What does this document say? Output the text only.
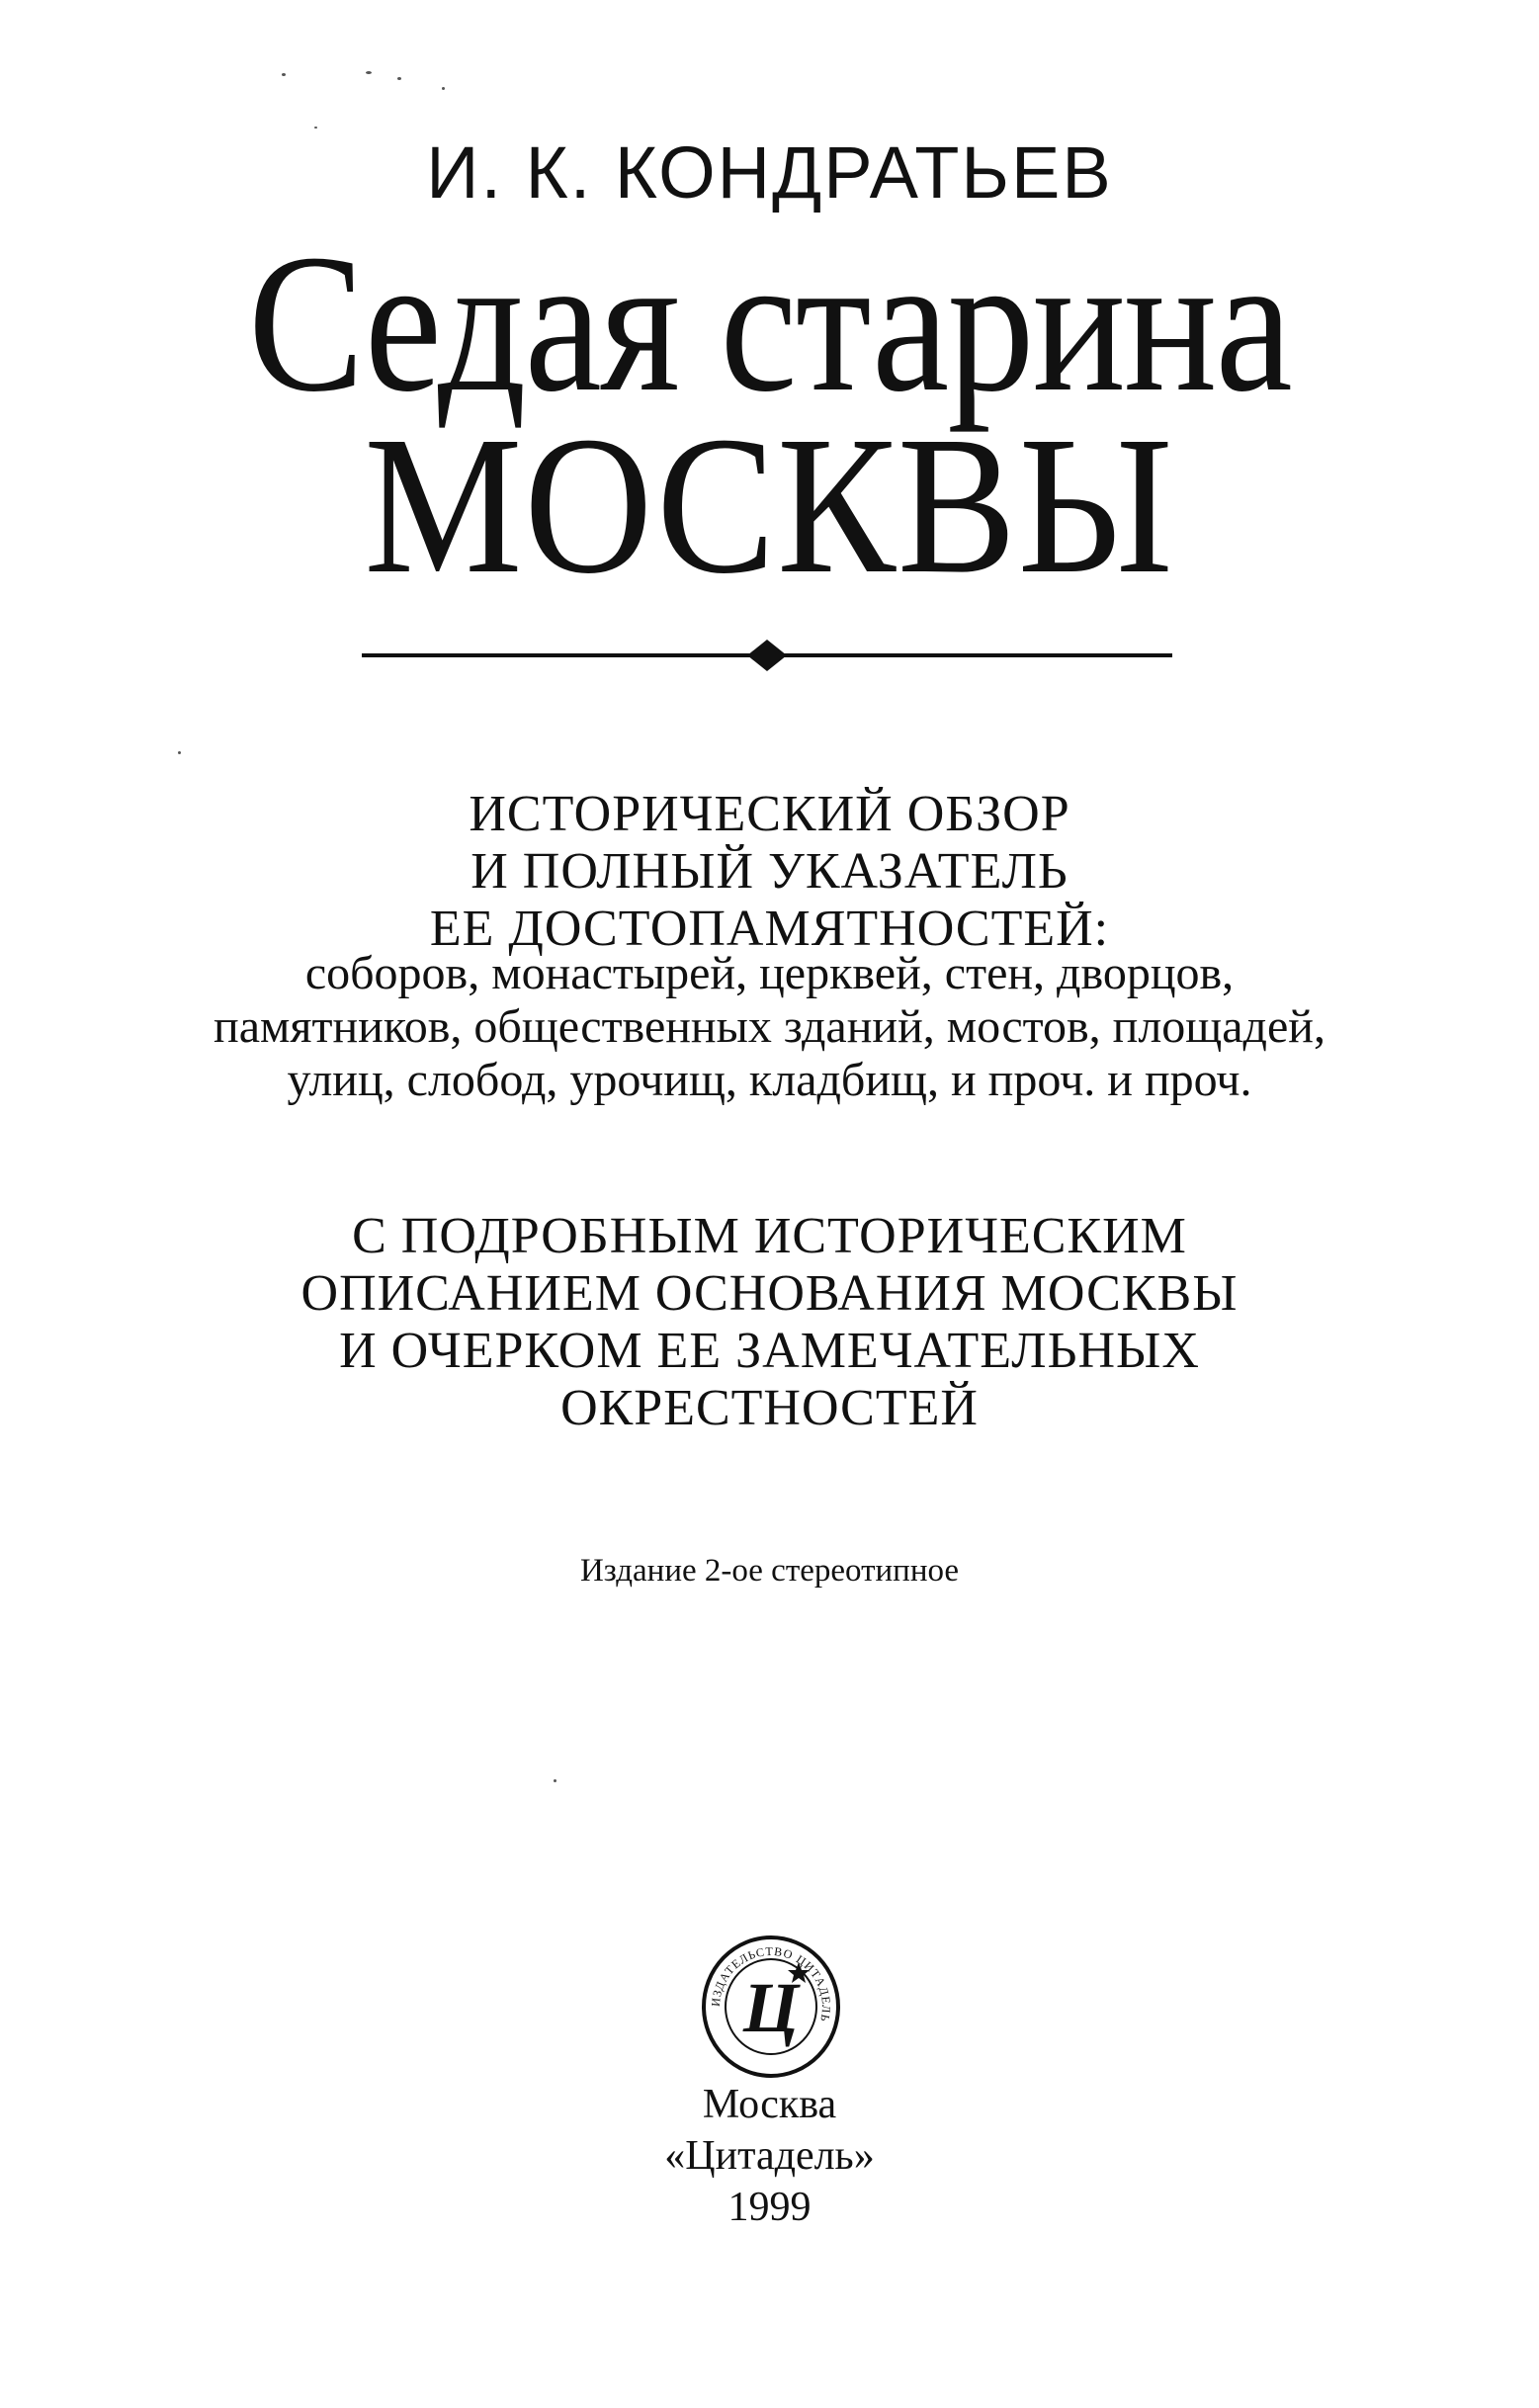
И. К. КОНДРАТЬЕВ
Седая старина
МОСКВЫ
ИСТОРИЧЕСКИЙ ОБЗОР
И ПОЛНЫЙ УКАЗАТЕЛЬ
ЕЕ ДОСТОПАМЯТНОСТЕЙ:
соборов, монастырей, церквей, стен, дворцов,
памятников, общественных зданий, мостов, площадей,
улиц, слобод, урочищ, кладбищ, и проч. и проч.
С ПОДРОБНЫМ ИСТОРИЧЕСКИМ
ОПИСАНИЕМ ОСНОВАНИЯ МОСКВЫ
И ОЧЕРКОМ ЕЕ ЗАМЕЧАТЕЛЬНЫХ
ОКРЕСТНОСТЕЙ
Издание 2-ое стереотипное
ИЗДАТЕЛЬСТВО ЦИТАДЕЛЬ
Ц
Москва
«Цитадель»
1999
